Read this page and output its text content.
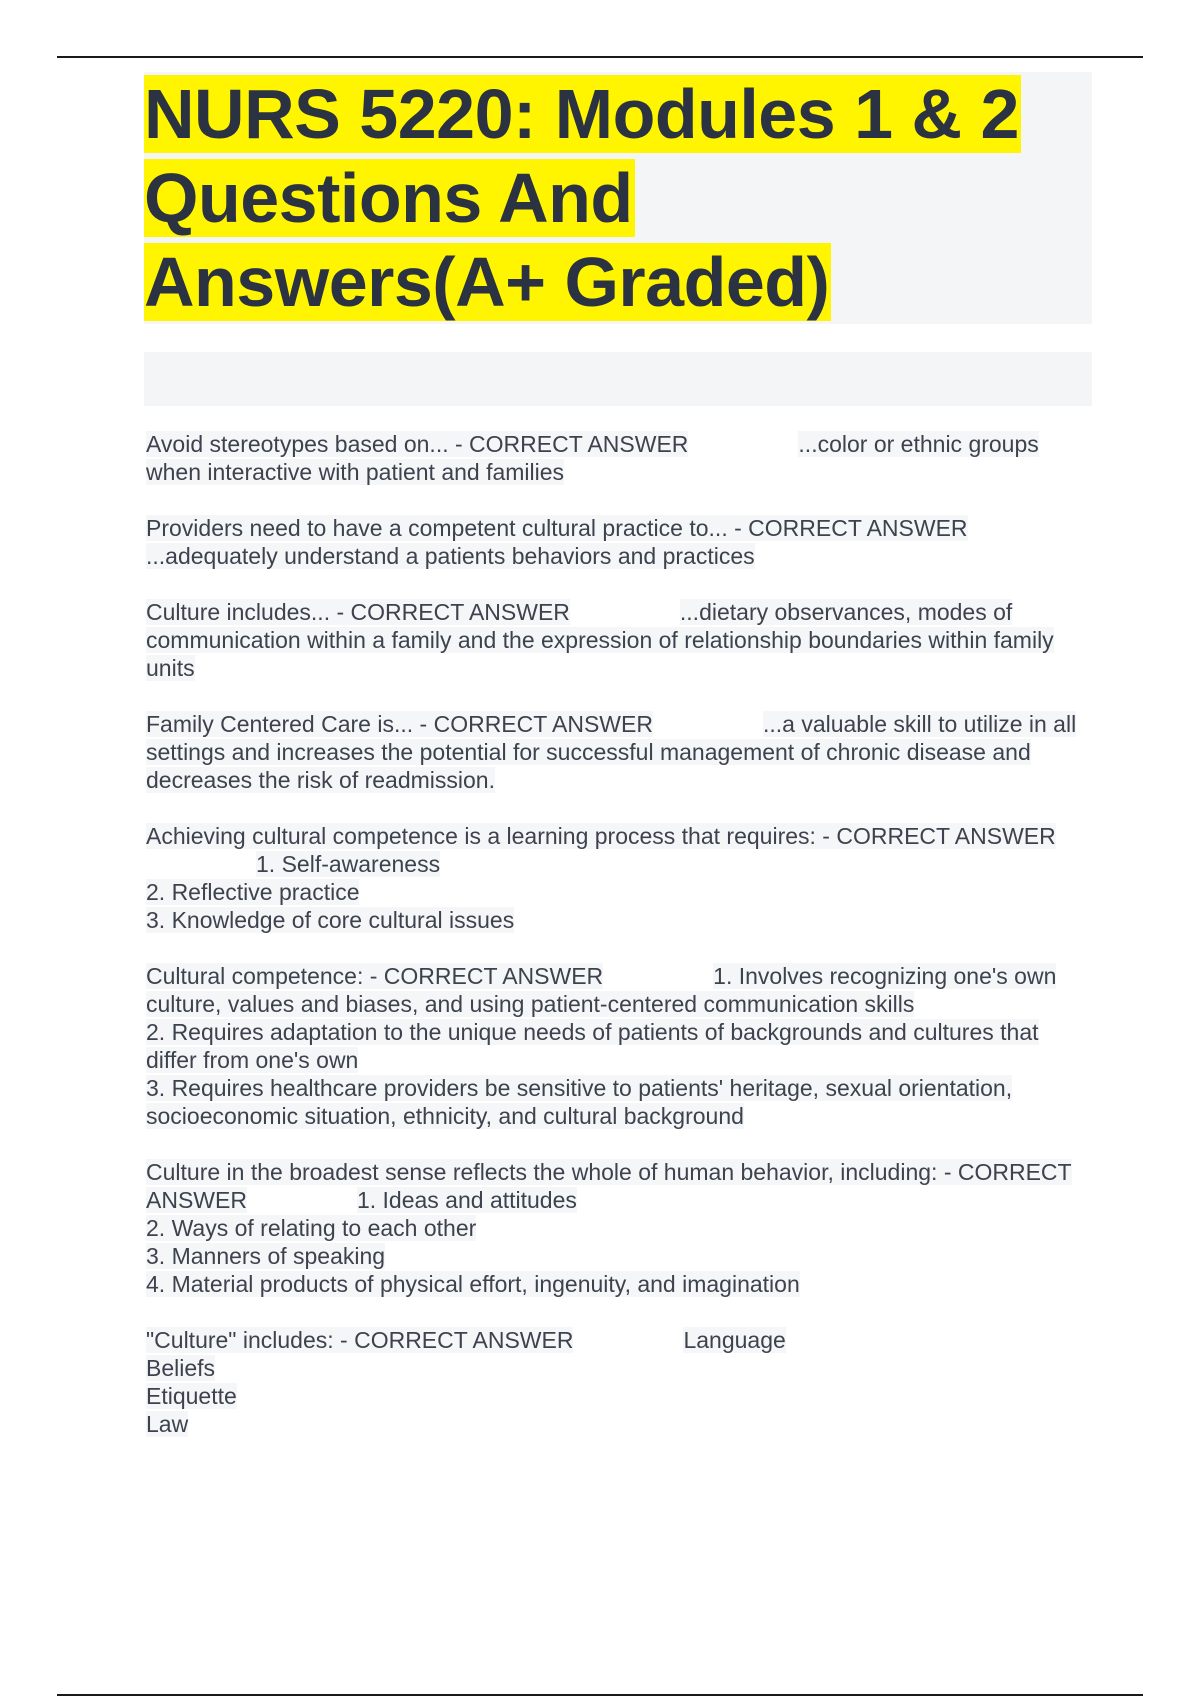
NURS 5220: Modules 1 & 2
Questions And
Answers(A+ Graded)

Avoid stereotypes based on... - CORRECT ANSWER	...color or ethnic groups when interactive with patient and families

Providers need to have a competent cultural practice to... - CORRECT ANSWER...adequately understand a patients behaviors and practices

Culture includes... - CORRECT ANSWER	...dietary observances, modes of communication within a family and the expression of relationship boundaries within family units

Family Centered Care is... - CORRECT ANSWER	...a valuable skill to utilize in all settings and increases the potential for successful management of chronic disease and decreases the risk of readmission.

Achieving cultural competence is a learning process that requires: - CORRECT ANSWER1. Self-awareness
2. Reflective practice
3. Knowledge of core cultural issues

Cultural competence: - CORRECT ANSWER	1. Involves recognizing one's own culture, values and biases, and using patient-centered communication skills
2. Requires adaptation to the unique needs of patients of backgrounds and cultures that differ from one's own
3. Requires healthcare providers be sensitive to patients' heritage, sexual orientation, socioeconomic situation, ethnicity, and cultural background

Culture in the broadest sense reflects the whole of human behavior, including: - CORRECT ANSWER	1. Ideas and attitudes
2. Ways of relating to each other
3. Manners of speaking
4. Material products of physical effort, ingenuity, and imagination

"Culture" includes: - CORRECT ANSWER	Language
Beliefs
Etiquette
Law
